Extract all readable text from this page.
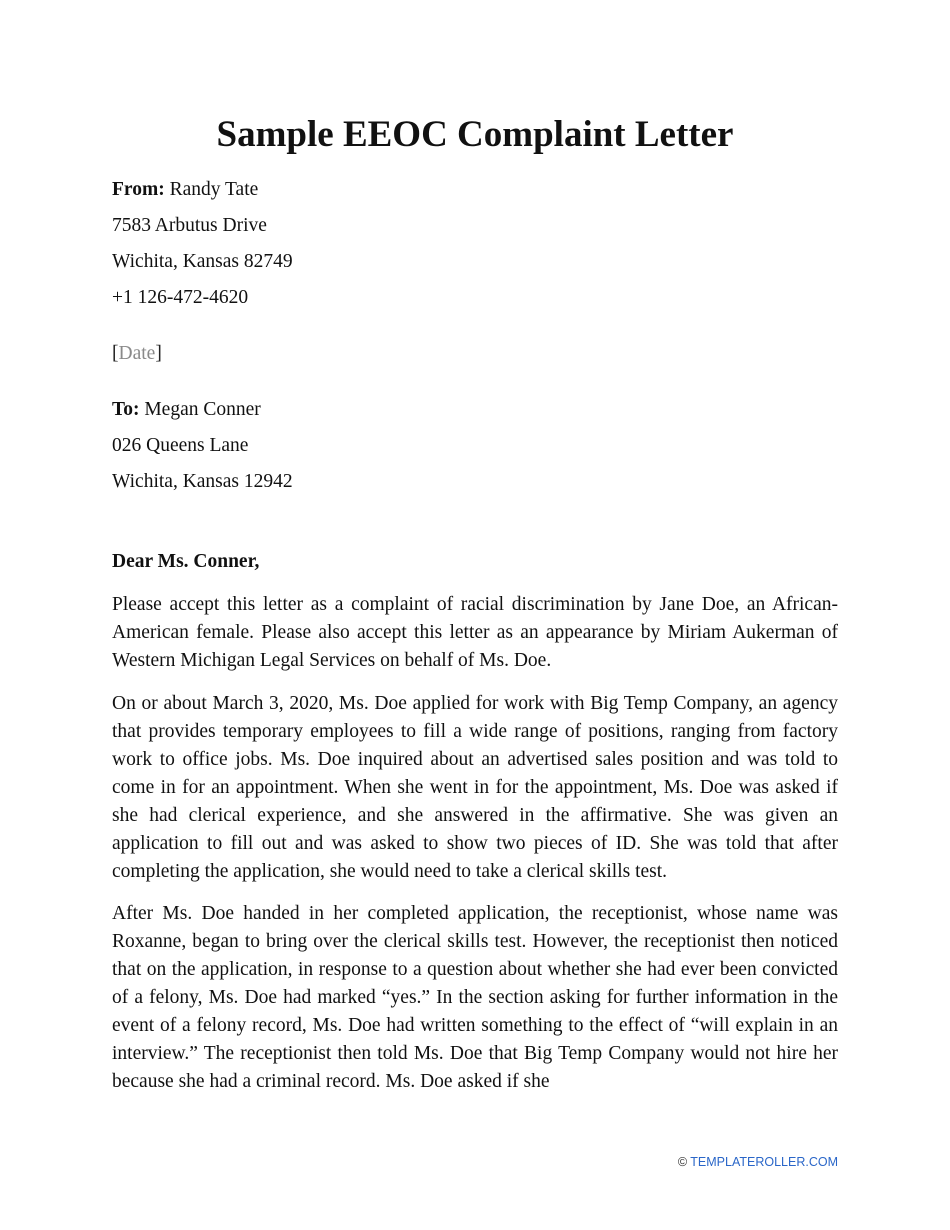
Sample EEOC Complaint Letter
From: Randy Tate
7583 Arbutus Drive
Wichita, Kansas 82749
+1 126-472-4620
[Date]
To: Megan Conner
026 Queens Lane
Wichita, Kansas 12942
Dear Ms. Conner,

Please accept this letter as a complaint of racial discrimination by Jane Doe, an African-American female. Please also accept this letter as an appearance by Miriam Aukerman of Western Michigan Legal Services on behalf of Ms. Doe.

On or about March 3, 2020, Ms. Doe applied for work with Big Temp Company, an agency that provides temporary employees to fill a wide range of positions, ranging from factory work to office jobs. Ms. Doe inquired about an advertised sales position and was told to come in for an appointment. When she went in for the appointment, Ms. Doe was asked if she had clerical experience, and she answered in the affirmative. She was given an application to fill out and was asked to show two pieces of ID. She was told that after completing the application, she would need to take a clerical skills test.

After Ms. Doe handed in her completed application, the receptionist, whose name was Roxanne, began to bring over the clerical skills test. However, the receptionist then noticed that on the application, in response to a question about whether she had ever been convicted of a felony, Ms. Doe had marked “yes.” In the section asking for further information in the event of a felony record, Ms. Doe had written something to the effect of “will explain in an interview.” The receptionist then told Ms. Doe that Big Temp Company would not hire her because she had a criminal record. Ms. Doe asked if she

© TEMPLATEROLLER.COM
